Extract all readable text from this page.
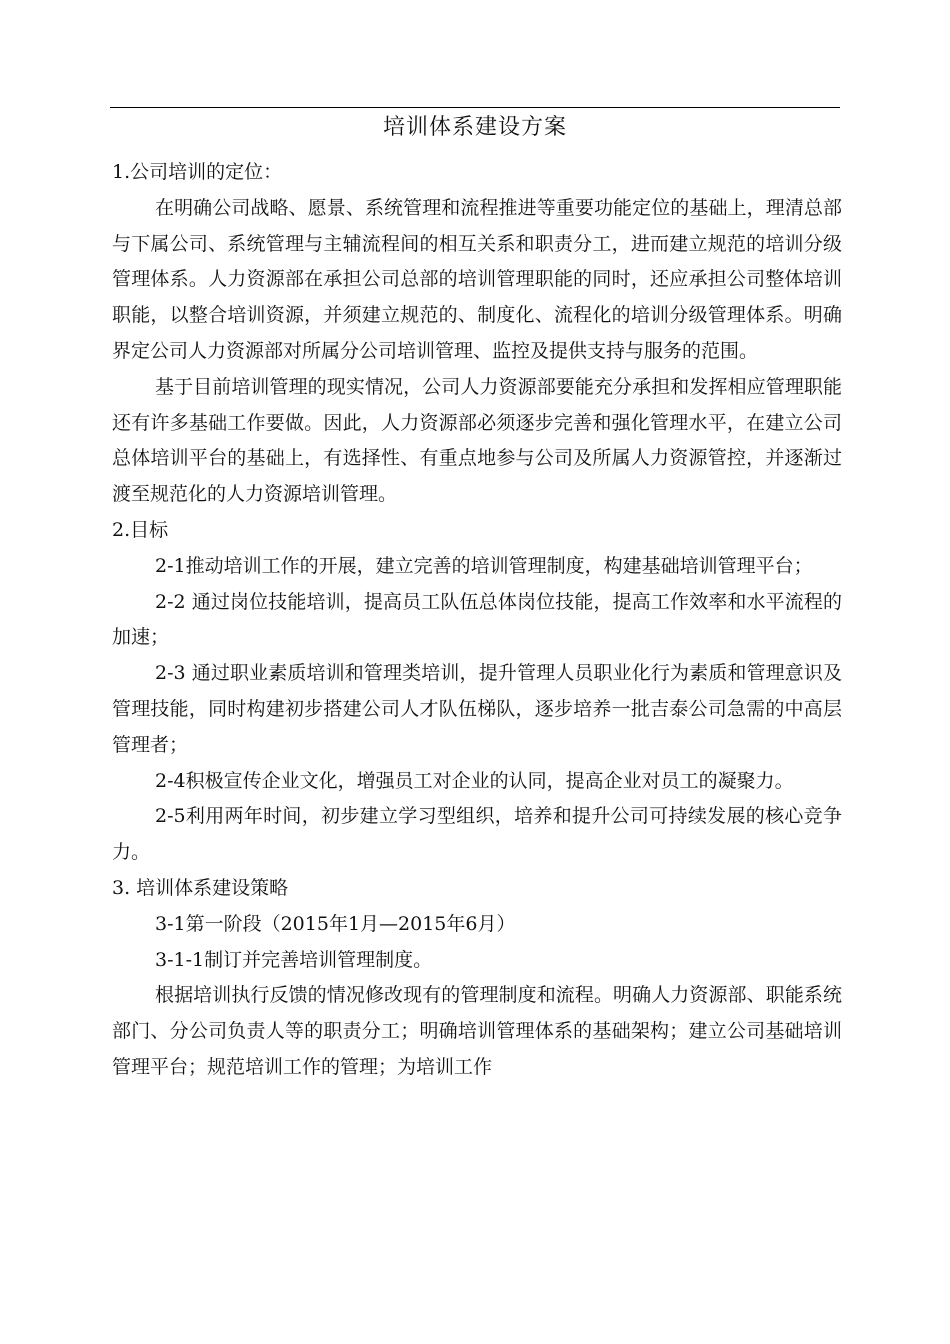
培训体系建设方案

1.公司培训的定位：

在明确公司战略、愿景、系统管理和流程推进等重要功能定位的基础上，理清总部与下属公司、系统管理与主辅流程间的相互关系和职责分工，进而建立规范的培训分级管理体系。人力资源部在承担公司总部的培训管理职能的同时，还应承担公司整体培训职能，以整合培训资源，并须建立规范的、制度化、流程化的培训分级管理体系。明确界定公司人力资源部对所属分公司培训管理、监控及提供支持与服务的范围。

基于目前培训管理的现实情况，公司人力资源部要能充分承担和发挥相应管理职能还有许多基础工作要做。因此，人力资源部必须逐步完善和强化管理水平，在建立公司总体培训平台的基础上，有选择性、有重点地参与公司及所属人力资源管控，并逐渐过渡至规范化的人力资源培训管理。

2.目标

2-1推动培训工作的开展，建立完善的培训管理制度，构建基础培训管理平台；

2-2 通过岗位技能培训，提高员工队伍总体岗位技能，提高工作效率和水平流程的加速；

2-3 通过职业素质培训和管理类培训，提升管理人员职业化行为素质和管理意识及管理技能，同时构建初步搭建公司人才队伍梯队，逐步培养一批吉泰公司急需的中高层管理者；

2-4积极宣传企业文化，增强员工对企业的认同，提高企业对员工的凝聚力。

2-5利用两年时间，初步建立学习型组织，培养和提升公司可持续发展的核心竞争力。

3. 培训体系建设策略

3-1第一阶段（2015年1月—2015年6月）

3-1-1制订并完善培训管理制度。

根据培训执行反馈的情况修改现有的管理制度和流程。明确人力资源部、职能系统部门、分公司负责人等的职责分工；明确培训管理体系的基础架构；建立公司基础培训管理平台；规范培训工作的管理；为培训工作
